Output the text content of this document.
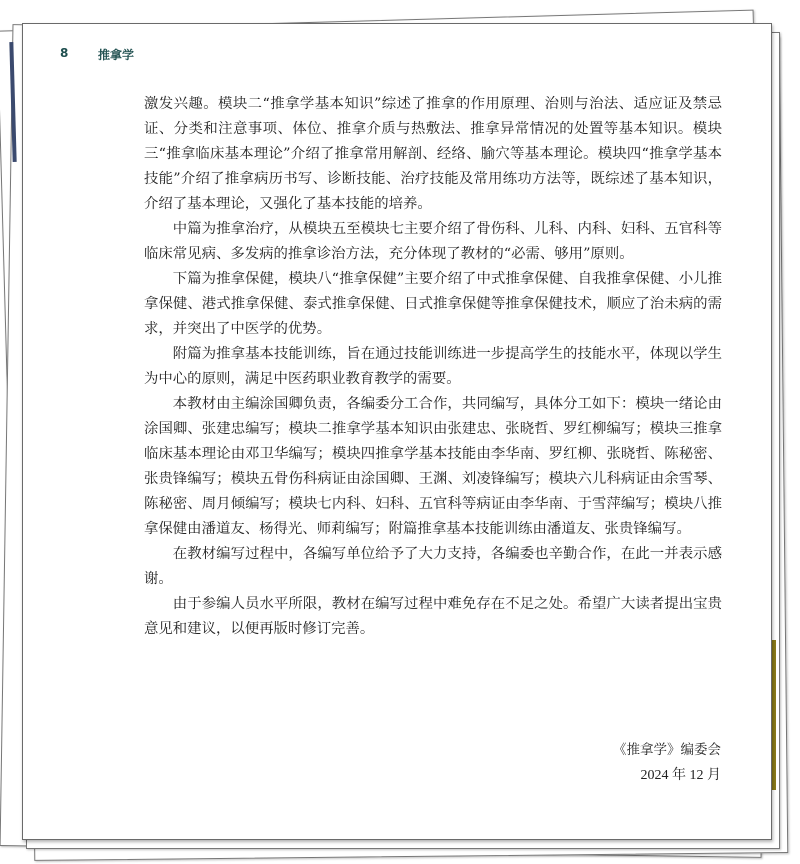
8 推拿学

激发兴趣。模块二“推拿学基本知识”综述了推拿的作用原理、治则与治法、适应证及禁忌证、分类和注意事项、体位、推拿介质与热敷法、推拿异常情况的处置等基本知识。模块三“推拿临床基本理论”介绍了推拿常用解剖、经络、腧穴等基本理论。模块四“推拿学基本技能”介绍了推拿病历书写、诊断技能、治疗技能及常用练功方法等，既综述了基本知识，介绍了基本理论，又强化了基本技能的培养。

中篇为推拿治疗，从模块五至模块七主要介绍了骨伤科、儿科、内科、妇科、五官科等临床常见病、多发病的推拿诊治方法，充分体现了教材的“必需、够用”原则。

下篇为推拿保健，模块八“推拿保健”主要介绍了中式推拿保健、自我推拿保健、小儿推拿保健、港式推拿保健、泰式推拿保健、日式推拿保健等推拿保健技术，顺应了治未病的需求，并突出了中医学的优势。

附篇为推拿基本技能训练，旨在通过技能训练进一步提高学生的技能水平，体现以学生为中心的原则，满足中医药职业教育教学的需要。

本教材由主编涂国卿负责，各编委分工合作，共同编写，具体分工如下：模块一绪论由涂国卿、张建忠编写；模块二推拿学基本知识由张建忠、张晓哲、罗红柳编写；模块三推拿临床基本理论由邓卫华编写；模块四推拿学基本技能由李华南、罗红柳、张晓哲、陈秘密、张贵锋编写；模块五骨伤科病证由涂国卿、王渊、刘凌锋编写；模块六儿科病证由余雪琴、陈秘密、周月倾编写；模块七内科、妇科、五官科等病证由李华南、于雪萍编写；模块八推拿保健由潘道友、杨得光、师莉编写；附篇推拿基本技能训练由潘道友、张贵锋编写。

在教材编写过程中，各编写单位给予了大力支持，各编委也辛勤合作，在此一并表示感谢。

由于参编人员水平所限，教材在编写过程中难免存在不足之处。希望广大读者提出宝贵意见和建议，以便再版时修订完善。

《推拿学》编委会
2024 年 12 月
